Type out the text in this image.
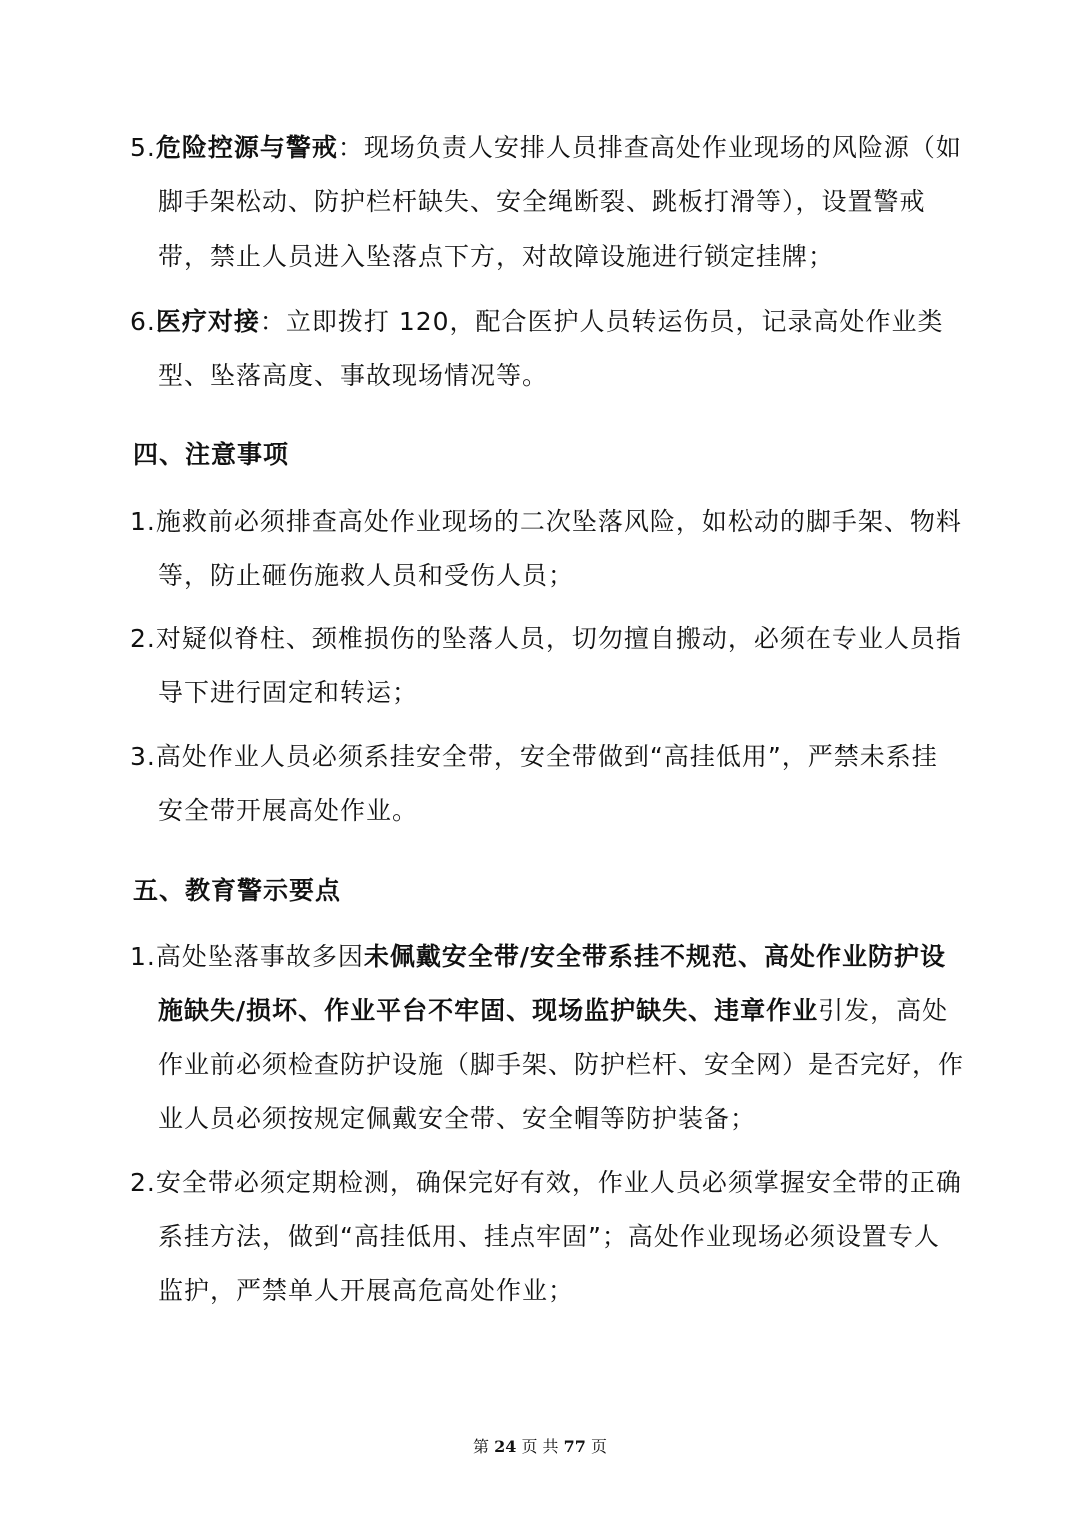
5.危险控源与警戒：现场负责人安排人员排查高处作业现场的风险源（如
脚手架松动、防护栏杆缺失、安全绳断裂、跳板打滑等），设置警戒
带，禁止人员进入坠落点下方，对故障设施进行锁定挂牌；
6.医疗对接：立即拨打 120，配合医护人员转运伤员，记录高处作业类
型、坠落高度、事故现场情况等。
四、注意事项
1.施救前必须排查高处作业现场的二次坠落风险，如松动的脚手架、物料
等，防止砸伤施救人员和受伤人员；
2.对疑似脊柱、颈椎损伤的坠落人员，切勿擅自搬动，必须在专业人员指
导下进行固定和转运；
3.高处作业人员必须系挂安全带，安全带做到“高挂低用”，严禁未系挂
安全带开展高处作业。
五、教育警示要点
1.高处坠落事故多因未佩戴安全带/安全带系挂不规范、高处作业防护设
施缺失/损坏、作业平台不牢固、现场监护缺失、违章作业引发，高处
作业前必须检查防护设施（脚手架、防护栏杆、安全网）是否完好，作
业人员必须按规定佩戴安全带、安全帽等防护装备；
2.安全带必须定期检测，确保完好有效，作业人员必须掌握安全带的正确
系挂方法，做到“高挂低用、挂点牢固”；高处作业现场必须设置专人
监护，严禁单人开展高危高处作业；
第 24 页 共 77 页
